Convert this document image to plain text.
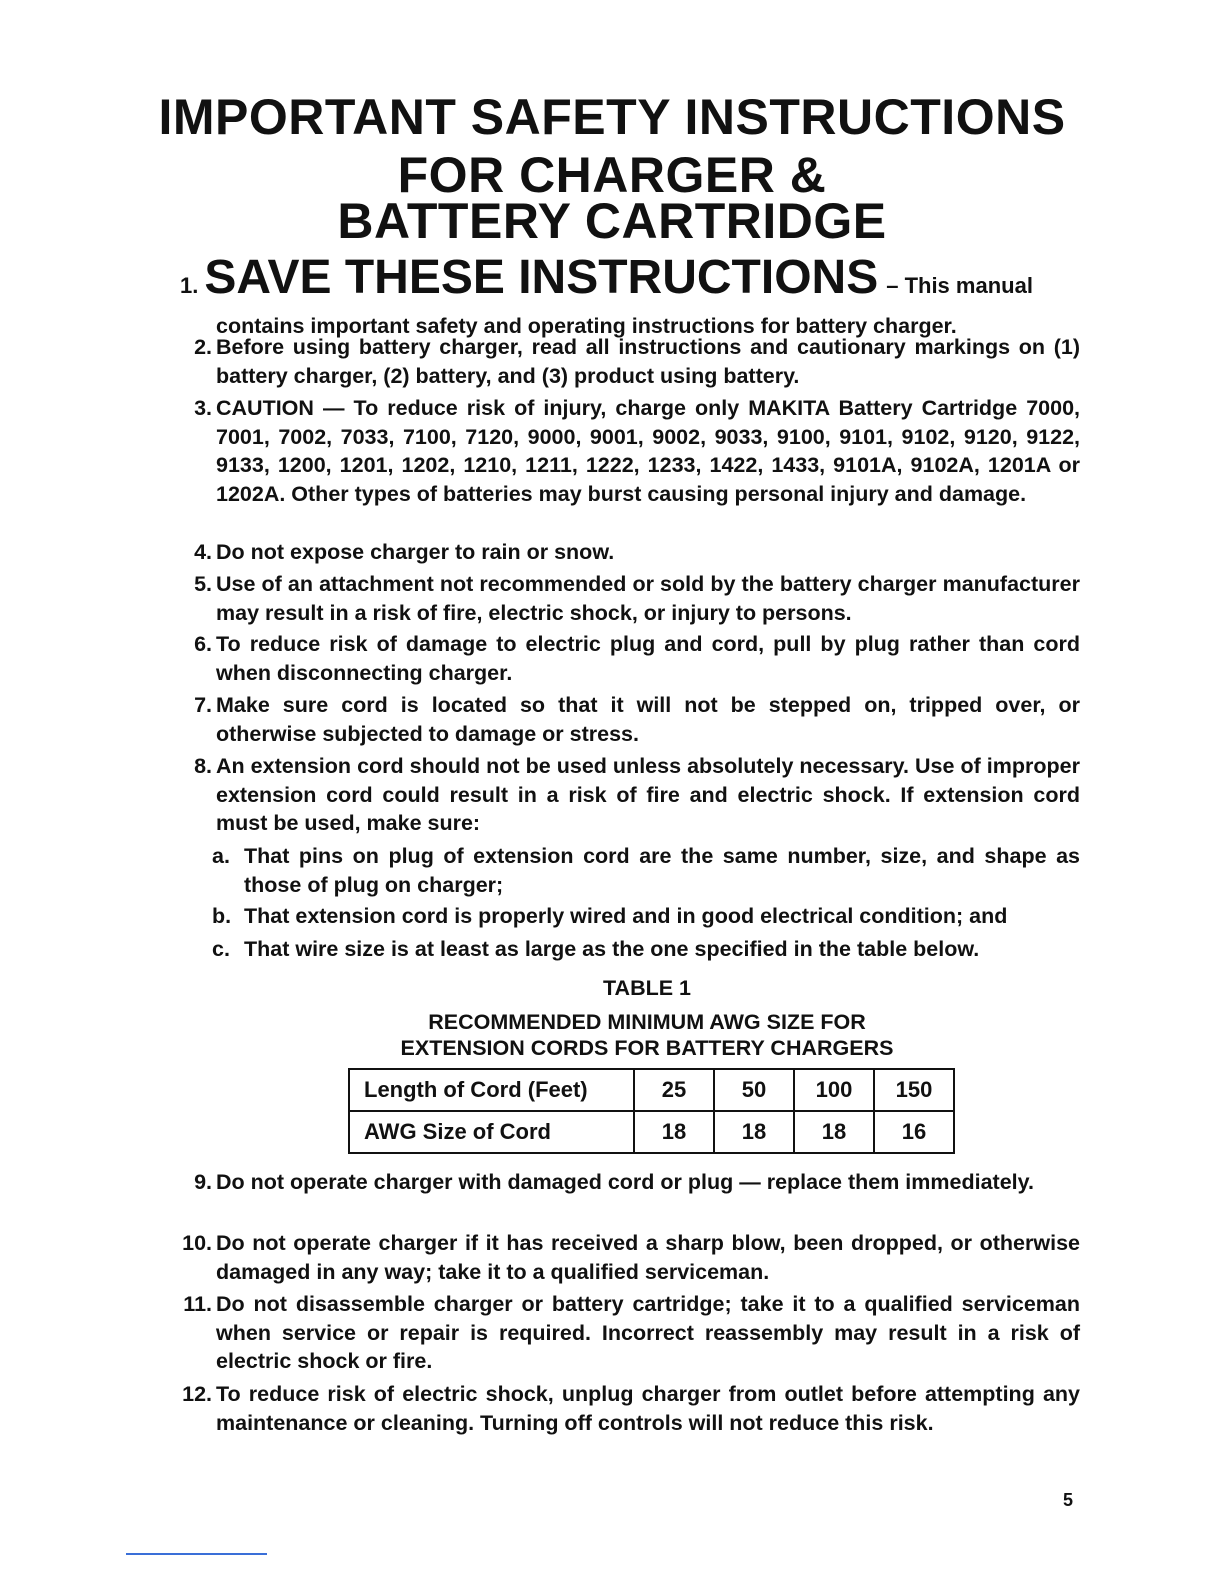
IMPORTANT SAFETY INSTRUCTIONS
FOR CHARGER &
BATTERY CARTRIDGE
1. SAVE THESE INSTRUCTIONS – This manual
contains important safety and operating instructions for battery charger.
2. Before using battery charger, read all instructions and cautionary markings on (1) battery charger, (2) battery, and (3) product using battery.
3. CAUTION — To reduce risk of injury, charge only MAKITA Battery Cartridge 7000, 7001, 7002, 7033, 7100, 7120, 9000, 9001, 9002, 9033, 9100, 9101, 9102, 9120, 9122, 9133, 1200, 1201, 1202, 1210, 1211, 1222, 1233, 1422, 1433, 9101A, 9102A, 1201A or 1202A. Other types of batteries may burst causing personal injury and damage.
4. Do not expose charger to rain or snow.
5. Use of an attachment not recommended or sold by the battery charger manufacturer may result in a risk of fire, electric shock, or injury to persons.
6. To reduce risk of damage to electric plug and cord, pull by plug rather than cord when disconnecting charger.
7. Make sure cord is located so that it will not be stepped on, tripped over, or otherwise subjected to damage or stress.
8. An extension cord should not be used unless absolutely necessary. Use of improper extension cord could result in a risk of fire and electric shock. If extension cord must be used, make sure:
a. That pins on plug of extension cord are the same number, size, and shape as those of plug on charger;
b. That extension cord is properly wired and in good electrical condition; and
c. That wire size is at least as large as the one specified in the table below.
TABLE 1
RECOMMENDED MINIMUM AWG SIZE FOR
EXTENSION CORDS FOR BATTERY CHARGERS
Length of Cord (Feet)	25	50	100	150
AWG Size of Cord	18	18	18	16
9. Do not operate charger with damaged cord or plug — replace them immediately.
10. Do not operate charger if it has received a sharp blow, been dropped, or otherwise damaged in any way; take it to a qualified serviceman.
11. Do not disassemble charger or battery cartridge; take it to a qualified serviceman when service or repair is required. Incorrect reassembly may result in a risk of electric shock or fire.
12. To reduce risk of electric shock, unplug charger from outlet before attempting any maintenance or cleaning. Turning off controls will not reduce this risk.
5
